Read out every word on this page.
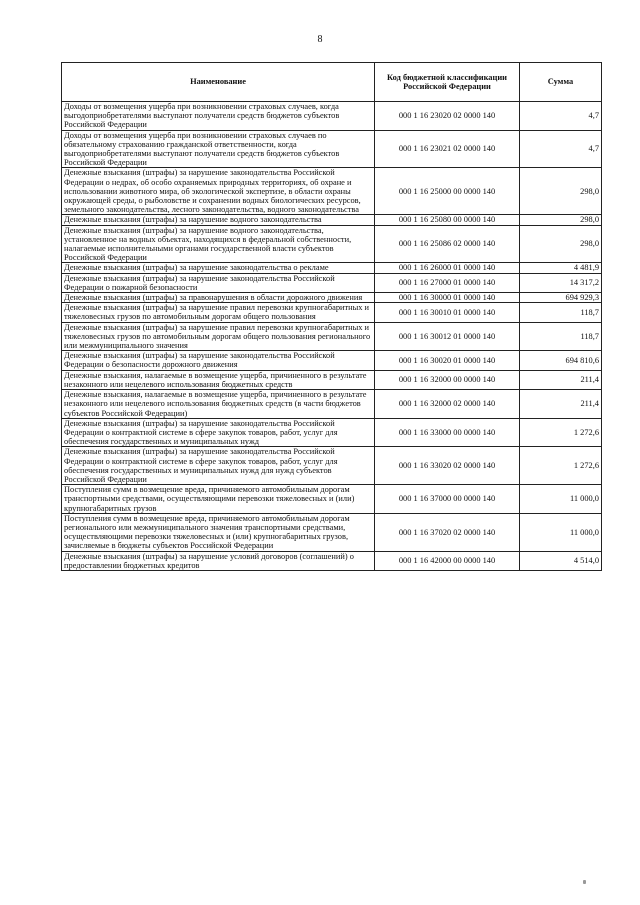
8
Наименование	Код бюджетной классификации Российской Федерации	Сумма
Доходы от возмещения ущерба при возникновении страховых случаев, когда выгодоприобретателями выступают получатели средств бюджетов субъектов Российской Федерации	000 1 16 23020 02 0000 140	4,7
Доходы от возмещения ущерба при возникновении страховых случаев по обязательному страхованию гражданской ответственности, когда выгодоприобретателями выступают получатели средств бюджетов субъектов Российской Федерации	000 1 16 23021 02 0000 140	4,7
Денежные взыскания (штрафы) за нарушение законодательства Российской Федерации о недрах, об особо охраняемых природных территориях, об охране и использовании животного мира, об экологической экспертизе, в области охраны окружающей среды, о рыболовстве и сохранении водных биологических ресурсов, земельного законодательства, лесного законодательства, водного законодательства	000 1 16 25000 00 0000 140	298,0
Денежные взыскания (штрафы) за нарушение водного законодательства	000 1 16 25080 00 0000 140	298,0
Денежные взыскания (штрафы) за нарушение водного законодательства, установленное на водных объектах, находящихся в федеральной собственности, налагаемые исполнительными органами государственной власти субъектов Российской Федерации	000 1 16 25086 02 0000 140	298,0
Денежные взыскания (штрафы) за нарушение законодательства о рекламе	000 1 16 26000 01 0000 140	4 481,9
Денежные взыскания (штрафы) за нарушение законодательства Российской Федерации о пожарной безопасности	000 1 16 27000 01 0000 140	14 317,2
Денежные взыскания (штрафы) за правонарушения в области дорожного движения	000 1 16 30000 01 0000 140	694 929,3
Денежные взыскания (штрафы) за нарушение правил перевозки крупногабаритных и тяжеловесных грузов по автомобильным дорогам общего пользования	000 1 16 30010 01 0000 140	118,7
Денежные взыскания (штрафы) за нарушение правил перевозки крупногабаритных и тяжеловесных грузов по автомобильным дорогам общего пользования регионального или межмуниципального значения	000 1 16 30012 01 0000 140	118,7
Денежные взыскания (штрафы) за нарушение законодательства Российской Федерации о безопасности дорожного движения	000 1 16 30020 01 0000 140	694 810,6
Денежные взыскания, налагаемые в возмещение ущерба, причиненного в результате незаконного или нецелевого использования бюджетных средств	000 1 16 32000 00 0000 140	211,4
Денежные взыскания, налагаемые в возмещение ущерба, причиненного в результате незаконного или нецелевого использования бюджетных средств (в части бюджетов субъектов Российской Федерации)	000 1 16 32000 02 0000 140	211,4
Денежные взыскания (штрафы) за нарушение законодательства Российской Федерации о контрактной системе в сфере закупок товаров, работ, услуг для обеспечения государственных и муниципальных нужд	000 1 16 33000 00 0000 140	1 272,6
Денежные взыскания (штрафы) за нарушение законодательства Российской Федерации о контрактной системе в сфере закупок товаров, работ, услуг для обеспечения государственных и муниципальных нужд для нужд субъектов Российской Федерации	000 1 16 33020 02 0000 140	1 272,6
Поступления сумм в возмещение вреда, причиняемого автомобильным дорогам транспортными средствами, осуществляющими перевозки тяжеловесных и (или) крупногабаритных грузов	000 1 16 37000 00 0000 140	11 000,0
Поступления сумм в возмещение вреда, причиняемого автомобильным дорогам регионального или межмуниципального значения транспортными средствами, осуществляющими перевозки тяжеловесных и (или) крупногабаритных грузов, зачисляемые в бюджеты субъектов Российской Федерации	000 1 16 37020 02 0000 140	11 000,0
Денежные взыскания (штрафы) за нарушение условий договоров (соглашений) о предоставлении бюджетных кредитов	000 1 16 42000 00 0000 140	4 514,0
